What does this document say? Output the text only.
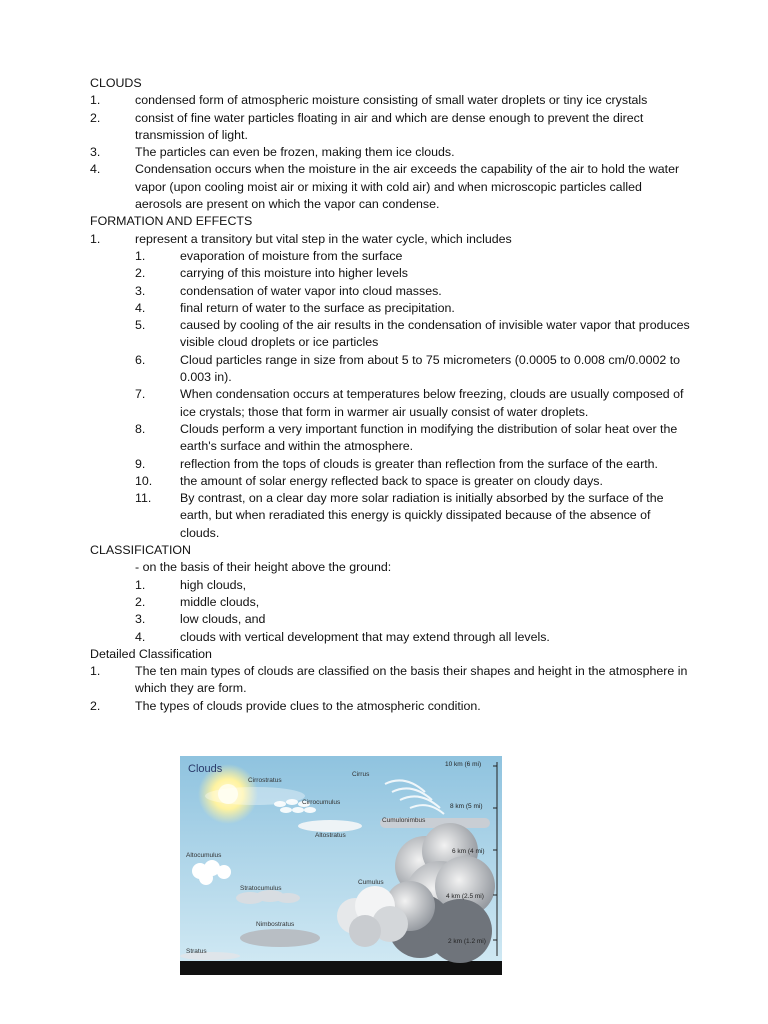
CLOUDS

1.	condensed form of atmospheric moisture consisting of small water droplets or tiny ice crystals
2.	consist of fine water particles floating in air and which are dense enough to prevent the direct transmission of light.
3.	The particles can even be frozen, making them ice clouds.
4.	Condensation occurs when the moisture in the air exceeds the capability of the air to hold the water vapor (upon cooling moist air or mixing it with cold air) and when microscopic particles called aerosols are present on which the vapor can condense.

FORMATION AND EFFECTS

1.	represent a transitory but vital step in the water cycle, which includes
1.	evaporation of moisture from the surface
2.	carrying of this moisture into higher levels
3.	condensation of water vapor into cloud masses.
4.	final return of water to the surface as precipitation.
5.	caused by cooling of the air results in the condensation of invisible water vapor that produces visible cloud droplets or ice particles
6.	Cloud particles range in size from about 5 to 75 micrometers (0.0005 to 0.008 cm/0.0002 to 0.003 in).
7.	When condensation occurs at temperatures below freezing, clouds are usually composed of ice crystals; those that form in warmer air usually consist of water droplets.
8.	Clouds perform a very important function in modifying the distribution of solar heat over the earth's surface and within the atmosphere.
9.	reflection from the tops of clouds is greater than reflection from the surface of the earth.
10.	the amount of solar energy reflected back to space is greater on cloudy days.
11.	By contrast, on a clear day more solar radiation is initially absorbed by the surface of the earth, but when reradiated this energy is quickly dissipated because of the absence of clouds.

CLASSIFICATION

- on the basis of their height above the ground:
1.	high clouds,
2.	middle clouds,
3.	low clouds, and
4.	clouds with vertical development that may extend through all levels.

Detailed Classification

1.	The ten main types of clouds are classified on the basis their shapes and height in the atmosphere in which they are form.
2.	The types of clouds provide clues to the atmospheric condition.
Clouds
Cirrostratus
Cirrus
Cirrocumulus
Cumulonimbus
Altostratus
Altocumulus
Cumulus
Stratocumulus
Nimbostratus
Stratus
10 km (6 mi)
8 km (5 mi)
6 km (4 mi)
4 km (2.5 mi)
2 km (1.2 mi)
